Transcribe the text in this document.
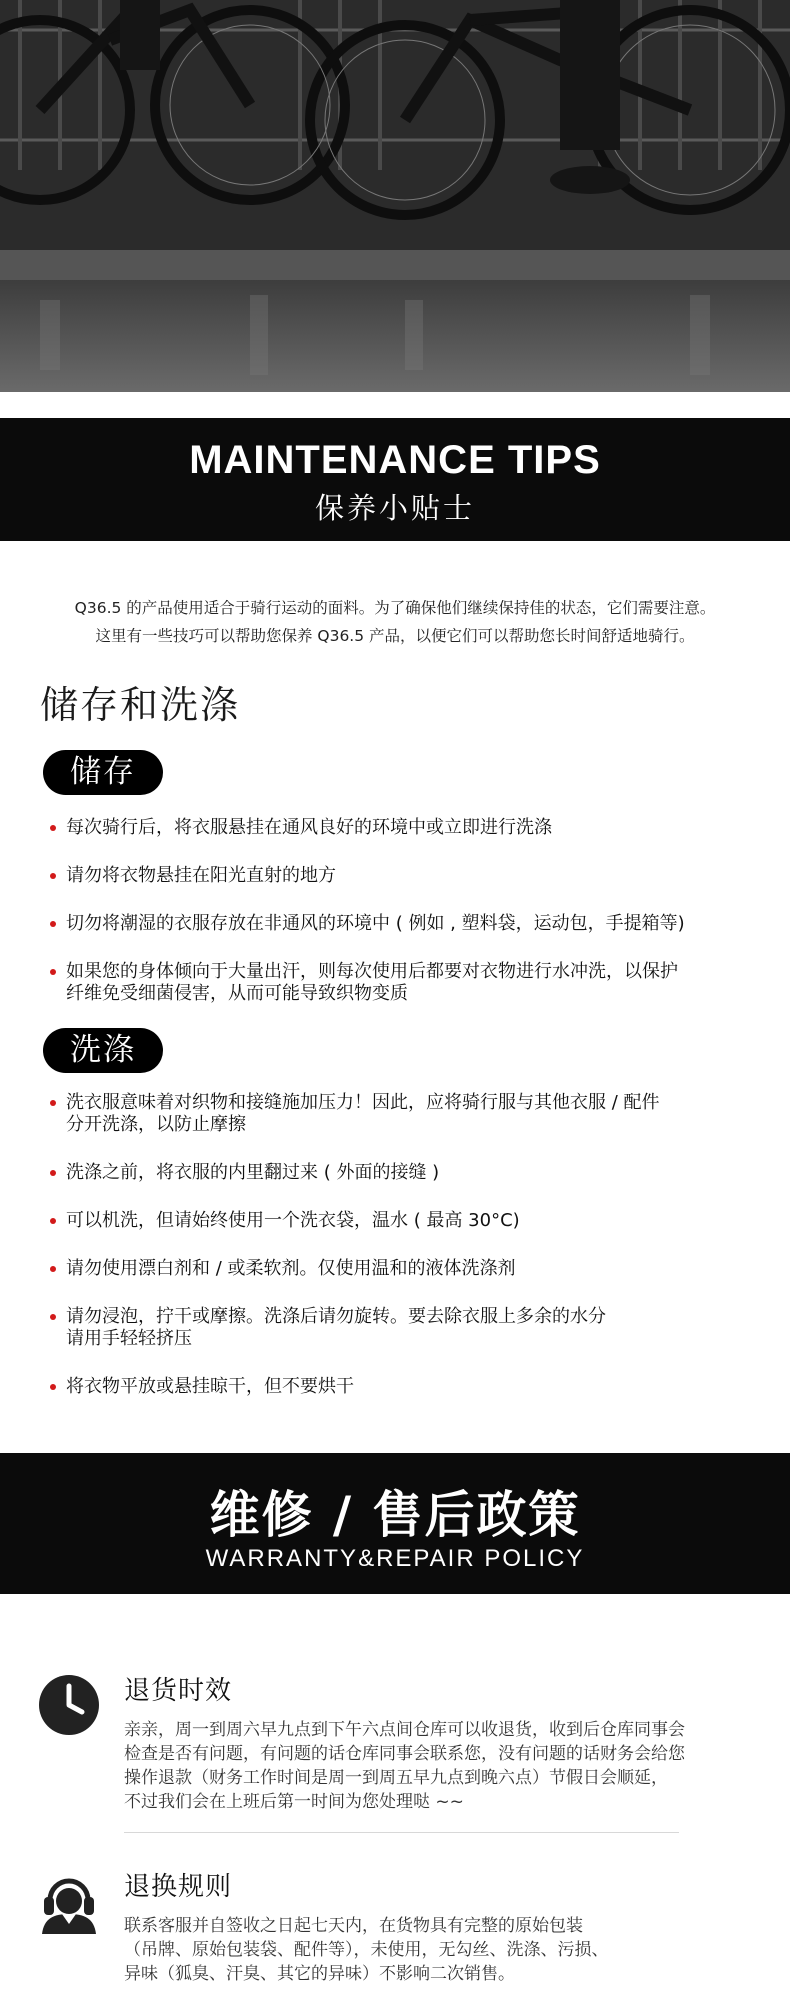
MAINTENANCE TIPS
保养小贴士
Q36.5 的产品使用适合于骑行运动的面料。为了确保他们继续保持佳的状态，它们需要注意。
这里有一些技巧可以帮助您保养 Q36.5 产品，以便它们可以帮助您长时间舒适地骑行。
储存和洗涤
储存
每次骑行后，将衣服悬挂在通风良好的环境中或立即进行洗涤
请勿将衣物悬挂在阳光直射的地方
切勿将潮湿的衣服存放在非通风的环境中 ( 例如 , 塑料袋，运动包，手提箱等)
如果您的身体倾向于大量出汗，则每次使用后都要对衣物进行水冲洗，以保护
纤维免受细菌侵害，从而可能导致织物变质
洗涤
洗衣服意味着对织物和接缝施加压力！因此，应将骑行服与其他衣服 / 配件
分开洗涤，以防止摩擦
洗涤之前，将衣服的内里翻过来 ( 外面的接缝 )
可以机洗，但请始终使用一个洗衣袋，温水 ( 最高 30°C)
请勿使用漂白剂和 / 或柔软剂。仅使用温和的液体洗涤剂
请勿浸泡，拧干或摩擦。洗涤后请勿旋转。要去除衣服上多余的水分
请用手轻轻挤压
将衣物平放或悬挂晾干，但不要烘干
维修 / 售后政策
WARRANTY&REPAIR POLICY
退货时效
亲亲，周一到周六早九点到下午六点间仓库可以收退货，收到后仓库同事会
检查是否有问题，有问题的话仓库同事会联系您，没有问题的话财务会给您
操作退款（财务工作时间是周一到周五早九点到晚六点）节假日会顺延，
不过我们会在上班后第一时间为您处理哒 ~~
退换规则
联系客服并自签收之日起七天内，在货物具有完整的原始包装
（吊牌、原始包装袋、配件等），未使用，无勾丝、洗涤、污损、
异味（狐臭、汗臭、其它的异味）不影响二次销售。
